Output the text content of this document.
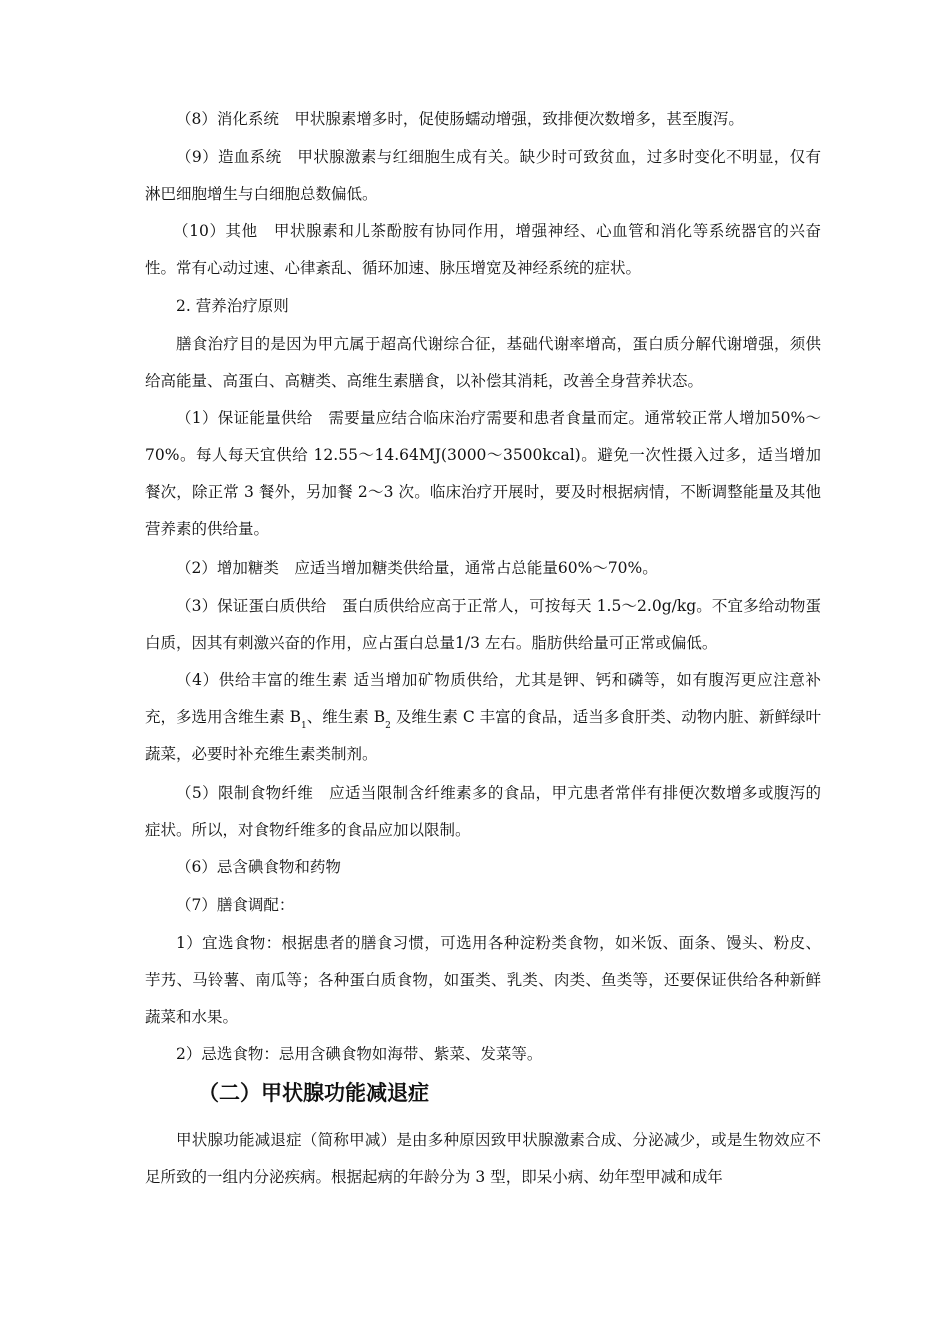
（8）消化系统　甲状腺素增多时，促使肠蠕动增强，致排便次数增多，甚至腹泻。

（9）造血系统　甲状腺激素与红细胞生成有关。缺少时可致贫血，过多时变化不明显，仅有淋巴细胞增生与白细胞总数偏低。

（10）其他　甲状腺素和儿茶酚胺有协同作用，增强神经、心血管和消化等系统器官的兴奋性。常有心动过速、心律紊乱、循环加速、脉压增宽及神经系统的症状。

2. 营养治疗原则

膳食治疗目的是因为甲亢属于超高代谢综合征，基础代谢率增高，蛋白质分解代谢增强，须供给高能量、高蛋白、高糖类、高维生素膳食，以补偿其消耗，改善全身营养状态。

（1）保证能量供给　需要量应结合临床治疗需要和患者食量而定。通常较正常人增加50%～70%。每人每天宜供给 12.55～14.64MJ(3000～3500kcal)。避免一次性摄入过多，适当增加餐次，除正常 3 餐外，另加餐 2～3 次。临床治疗开展时，要及时根据病情，不断调整能量及其他营养素的供给量。

（2）增加糖类　应适当增加糖类供给量，通常占总能量60%～70%。

（3）保证蛋白质供给　蛋白质供给应高于正常人，可按每天 1.5～2.0g/kg。不宜多给动物蛋白质，因其有刺激兴奋的作用，应占蛋白总量1/3 左右。脂肪供给量可正常或偏低。

（4）供给丰富的维生素 适当增加矿物质供给，尤其是钾、钙和磷等，如有腹泻更应注意补充，多选用含维生素 $B_1$、维生素 $B_2$ 及维生素 C 丰富的食品，适当多食肝类、动物内脏、新鲜绿叶蔬菜，必要时补充维生素类制剂。

（5）限制食物纤维　应适当限制含纤维素多的食品，甲亢患者常伴有排便次数增多或腹泻的症状。所以，对食物纤维多的食品应加以限制。

（6）忌含碘食物和药物

（7）膳食调配：

1）宜选食物：根据患者的膳食习惯，可选用各种淀粉类食物，如米饭、面条、馒头、粉皮、芋艿、马铃薯、南瓜等；各种蛋白质食物，如蛋类、乳类、肉类、鱼类等，还要保证供给各种新鲜蔬菜和水果。

2）忌选食物：忌用含碘食物如海带、紫菜、发菜等。

（二）甲状腺功能减退症

甲状腺功能减退症（简称甲减）是由多种原因致甲状腺激素合成、分泌减少，或是生物效应不足所致的一组内分泌疾病。根据起病的年龄分为 3 型，即呆小病、幼年型甲减和成年
